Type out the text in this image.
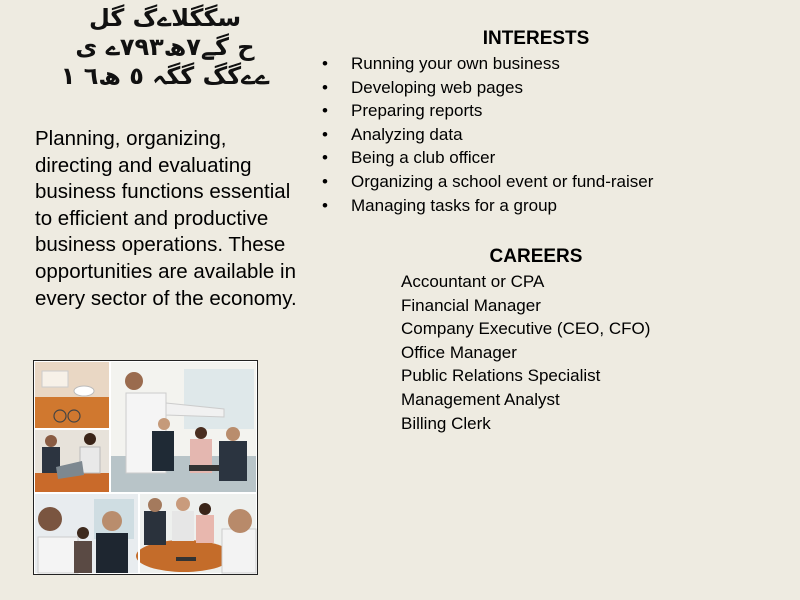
سگگلاےگ گل
ح گے٧ھ٧٩٣ے ی
ےےگگ گگہ ٥ ھ٦ ١
Planning, organizing, directing and evaluating business functions essential to efficient and productive business operations. These opportunities are available in every sector of the economy.
INTERESTS
• Running your own business
• Developing web pages
• Preparing reports
• Analyzing data
• Being a club officer
• Organizing a school event or fund-raiser
• Managing tasks for a group
CAREERS
Accountant or CPA
Financial Manager
Company Executive (CEO, CFO)
Office Manager
Public Relations Specialist
Management Analyst
Billing Clerk
